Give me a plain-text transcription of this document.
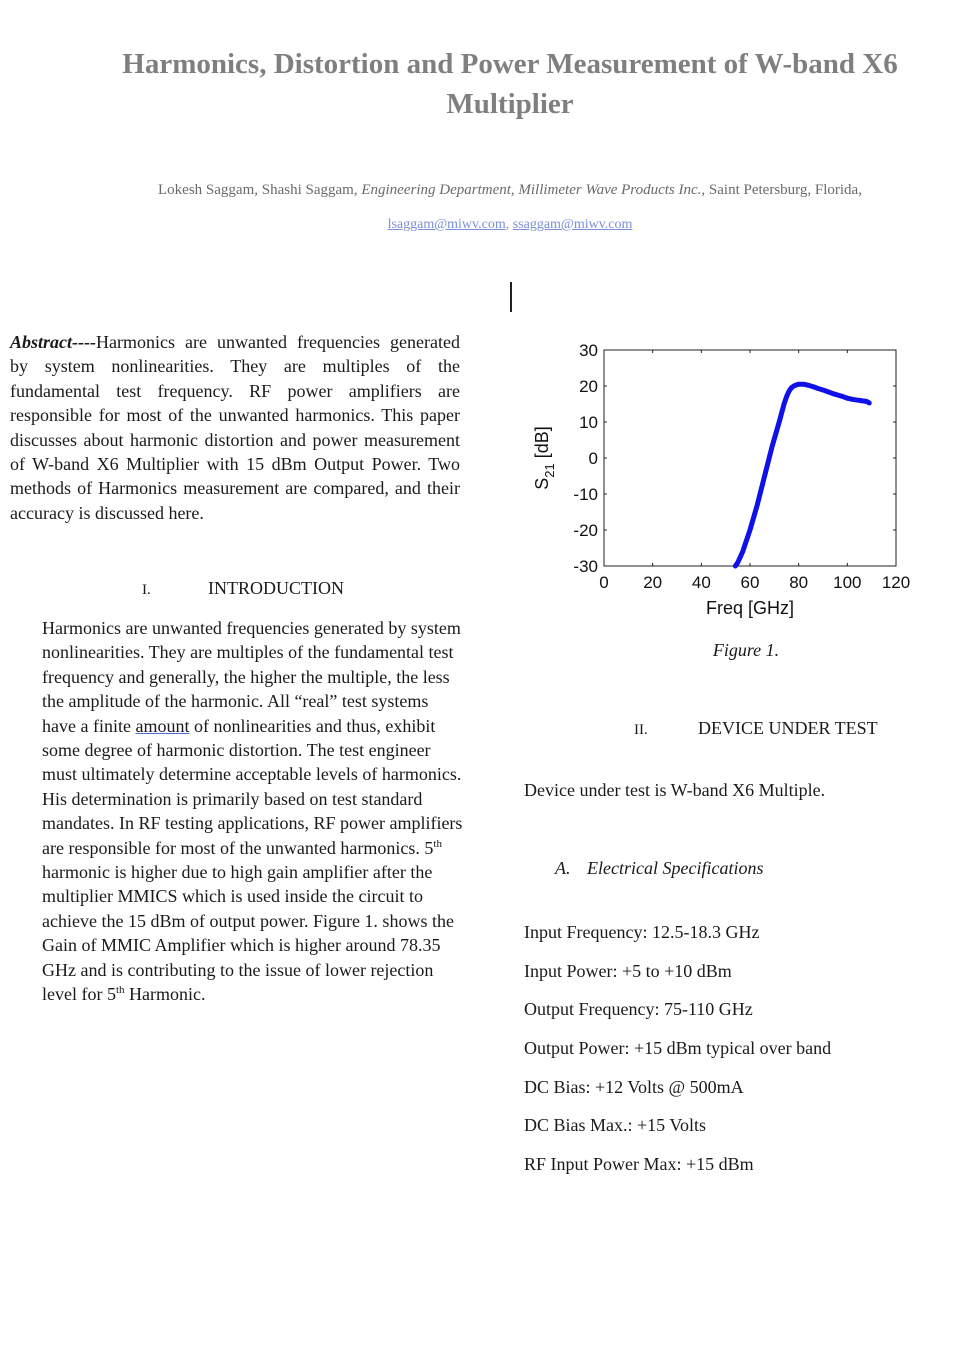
Harmonics, Distortion and Power Measurement of W-band X6 Multiplier
Lokesh Saggam, Shashi Saggam, Engineering Department, Millimeter Wave Products Inc., Saint Petersburg, Florida,
lsaggam@miwv.com, ssaggam@miwv.com
Abstract----Harmonics are unwanted frequencies generated by system nonlinearities. They are multiples of the fundamental test frequency. RF power amplifiers are responsible for most of the unwanted harmonics. This paper discusses about harmonic distortion and power measurement of W-band X6 Multiplier with 15 dBm Output Power. Two methods of Harmonics measurement are compared, and their accuracy is discussed here.
I.	INTRODUCTION
Harmonics are unwanted frequencies generated by system nonlinearities. They are multiples of the fundamental test frequency and generally, the higher the multiple, the less the amplitude of the harmonic. All “real” test systems have a finite amount of nonlinearities and thus, exhibit some degree of harmonic distortion. The test engineer must ultimately determine acceptable levels of harmonics. His determination is primarily based on test standard mandates. In RF testing applications, RF power amplifiers are responsible for most of the unwanted harmonics. 5th harmonic is higher due to high gain amplifier after the multiplier MMICS which is used inside the circuit to achieve the 15 dBm of output power. Figure 1. shows the Gain of MMIC Amplifier which is higher around 78.35 GHz and is contributing to the issue of lower rejection level for 5th Harmonic.
0 20 40 60 80 100 120
30
20
10
0
-10
-20
-30
Freq [GHz]
$S_{21}$ [dB]
Figure 1.
II.	DEVICE UNDER TEST
Device under test is W-band X6 Multiple.
A. Electrical Specifications
Input Frequency: 12.5-18.3 GHz
Input Power: +5 to +10 dBm
Output Frequency: 75-110 GHz
Output Power: +15 dBm typical over band
DC Bias: +12 Volts @ 500mA
DC Bias Max.: +15 Volts
RF Input Power Max: +15 dBm
